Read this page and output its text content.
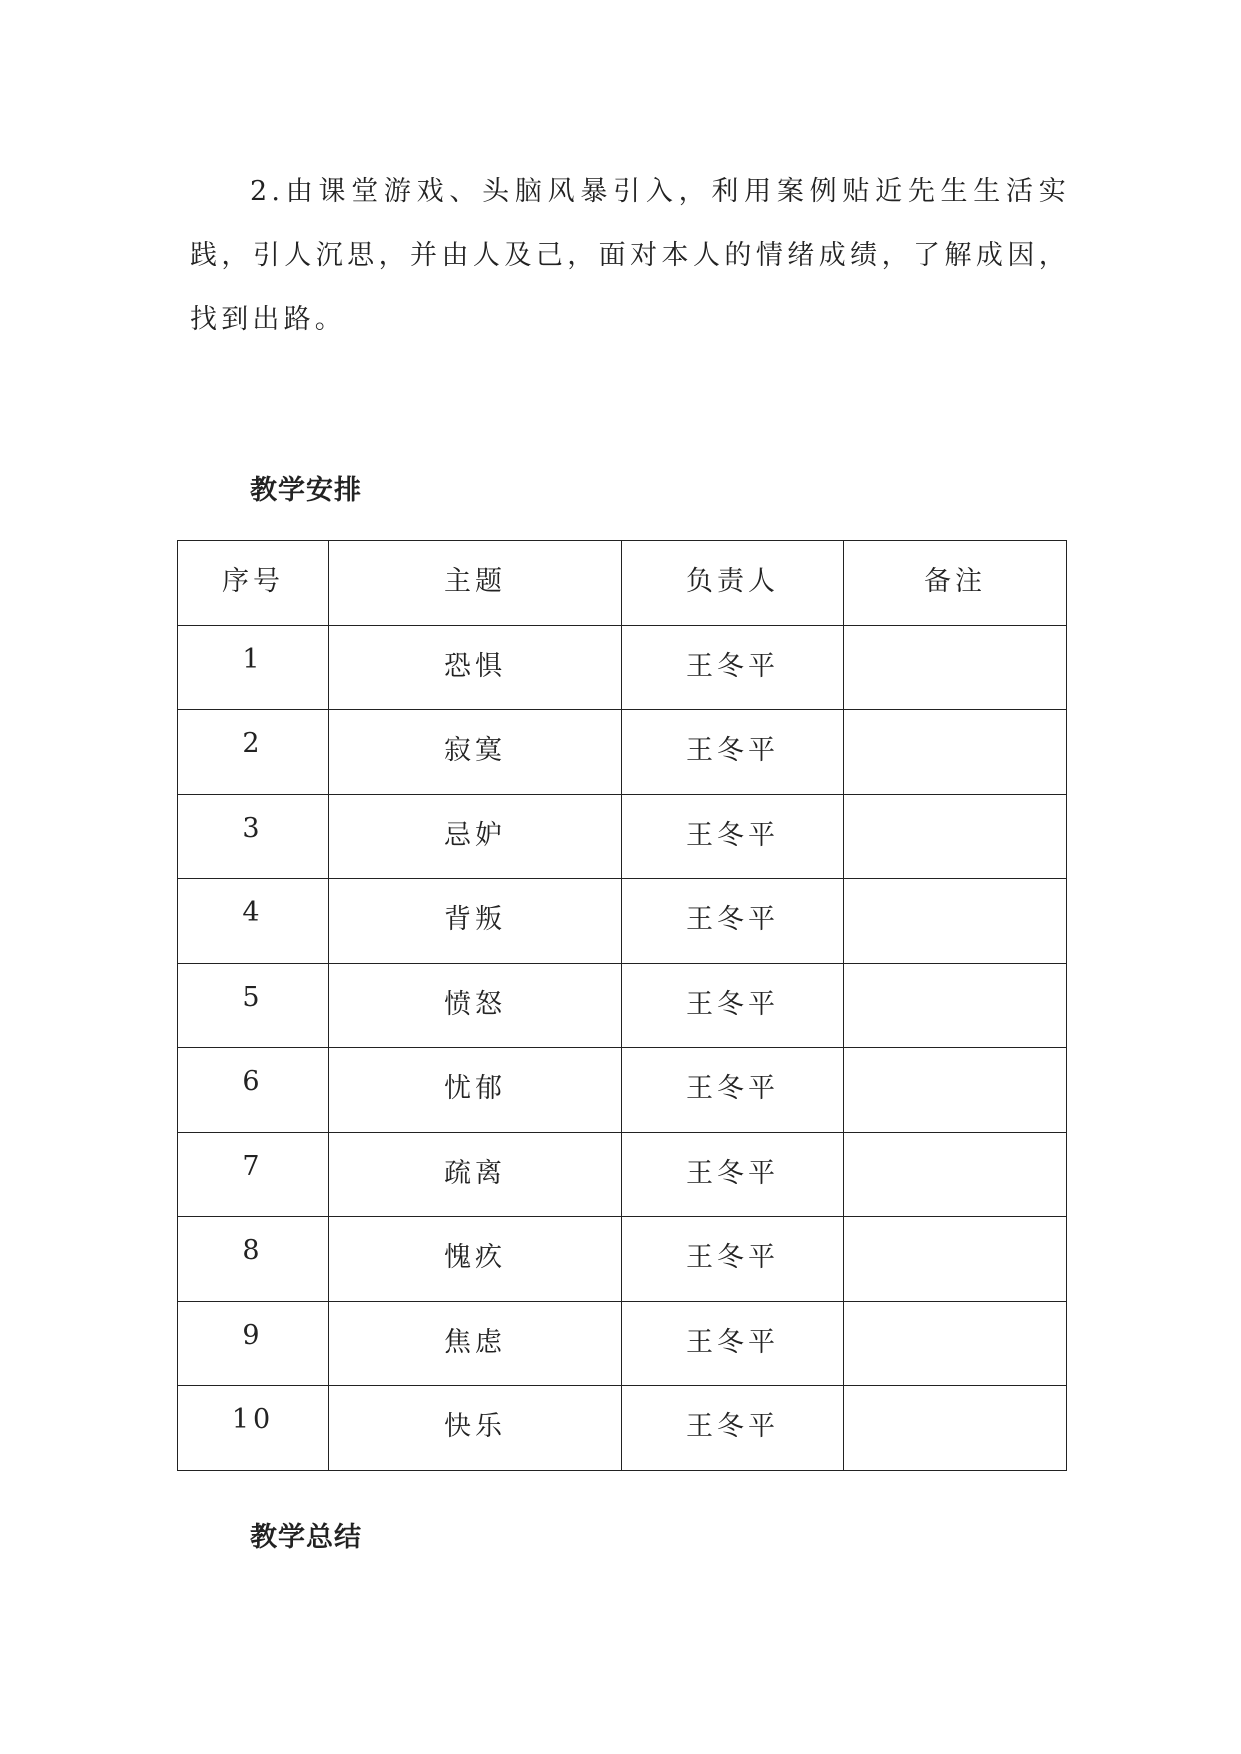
2.由课堂游戏、头脑风暴引入，利用案例贴近先生生活实践，引人沉思，并由人及己，面对本人的情绪成绩，了解成因，找到出路。

教学安排
序号	主题	负责人	备注
1	恐惧	王冬平	
2	寂寞	王冬平	
3	忌妒	王冬平	
4	背叛	王冬平	
5	愤怒	王冬平	
6	忧郁	王冬平	
7	疏离	王冬平	
8	愧疚	王冬平	
9	焦虑	王冬平	
10	快乐	王冬平	
教学总结
